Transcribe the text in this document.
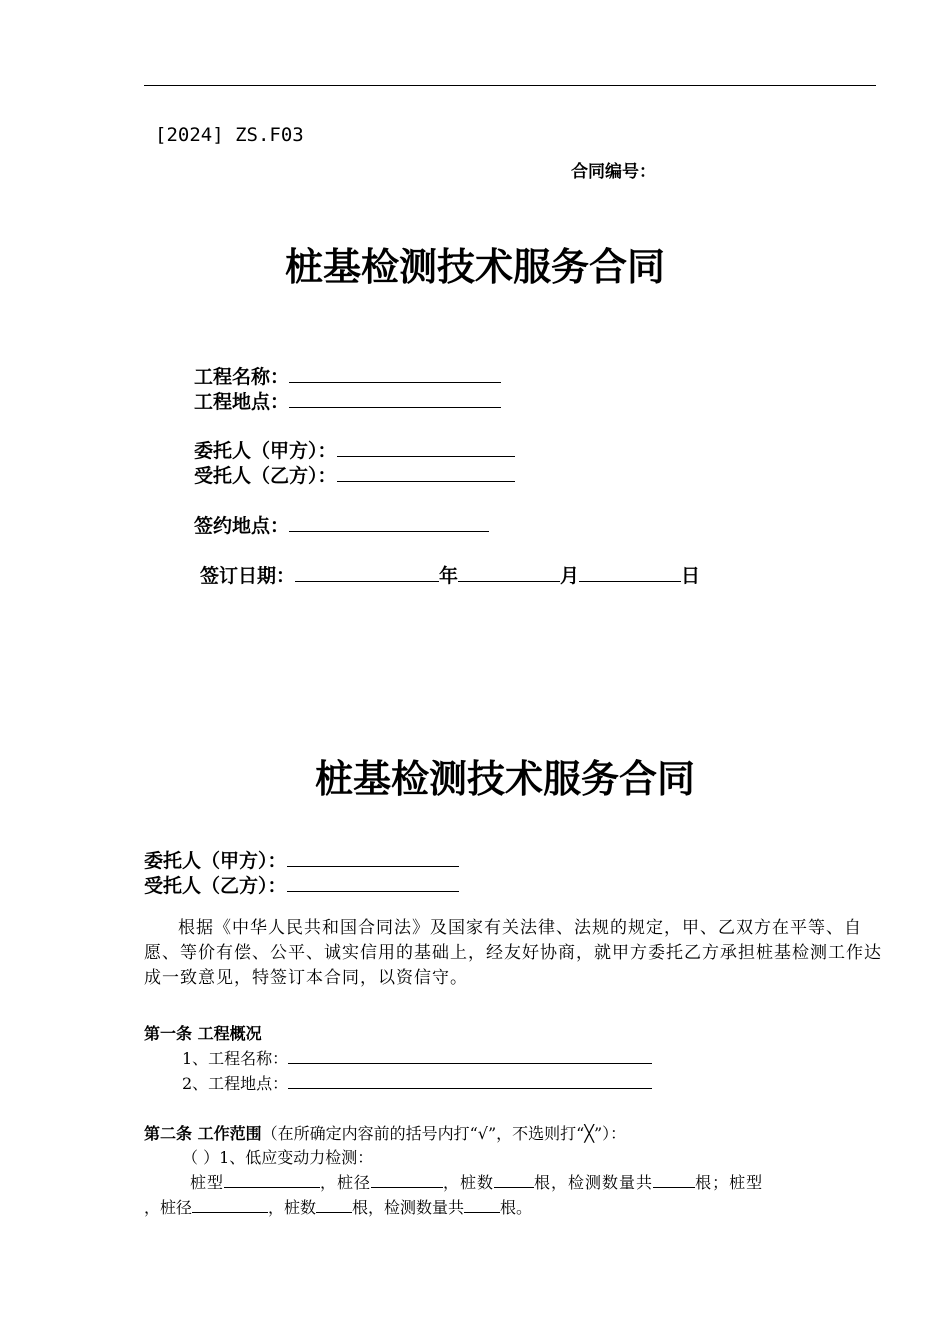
[2024] ZS.F03
合同编号：
桩基检测技术服务合同
工程名称：
工程地点：
委托人（甲方）：
受托人（乙方）：
签约地点：
签订日期：	年	月	日
桩基检测技术服务合同
委托人（甲方）：
受托人（乙方）：
根据《中华人民共和国合同法》及国家有关法律、法规的规定，甲、乙双方在平等、自愿、等价有偿、公平、诚实信用的基础上，经友好协商，就甲方委托乙方承担桩基检测工作达成一致意见，特签订本合同，以资信守。
第一条 工程概况
1、工程名称：
2、工程地点：
第二条 工作范围（在所确定内容前的括号内打“√”，不选则打“╳”）：
（ ）1、低应变动力检测：
桩型	，桩径	，桩数	根，检测数量共	根；桩型
，桩径	，桩数 根，检测数量共 根。
